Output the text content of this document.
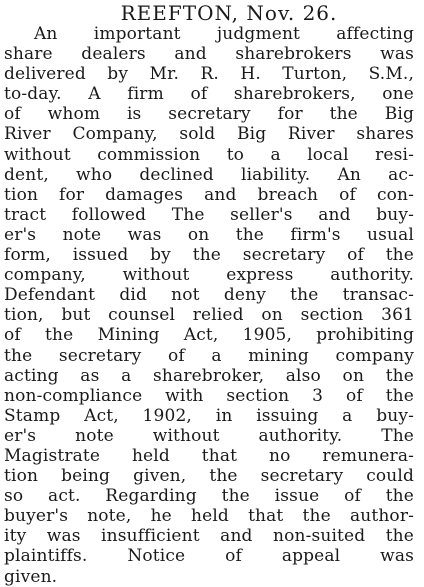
REEFTON, Nov. 26.
An important judgment affecting
share dealers and sharebrokers was
delivered by Mr. R. H. Turton, S.M.,
to-day. A firm of sharebrokers, one
of whom is secretary for the Big
River Company, sold Big River shares
without commission to a local resi-
dent, who declined liability. An ac-
tion for damages and breach of con-
tract followed The seller's and buy-
er's note was on the firm's usual
form, issued by the secretary of the
company, without express authority.
Defendant did not deny the transac-
tion, but counsel relied on section 361
of the Mining Act, 1905, prohibiting
the secretary of a mining company
acting as a sharebroker, also on the
non-compliance with section 3 of the
Stamp Act, 1902, in issuing a buy-
er's note without authority. The
Magistrate held that no remunera-
tion being given, the secretary could
so act. Regarding the issue of the
buyer's note, he held that the author-
ity was insufficient and non-suited the
plaintiffs. Notice of appeal was
given.
